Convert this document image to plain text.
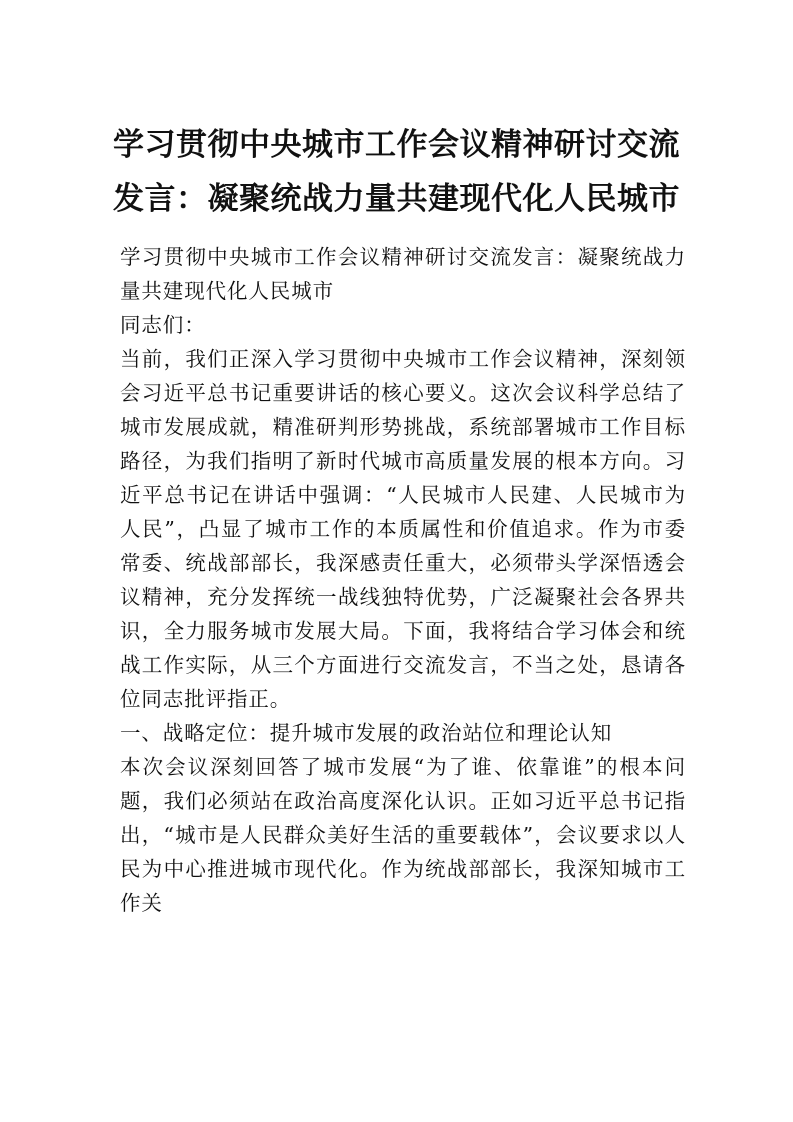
学习贯彻中央城市工作会议精神研讨交流
发言：凝聚统战力量共建现代化人民城市

学习贯彻中央城市工作会议精神研讨交流发言：凝聚统战力量共建现代化人民城市

同志们：

当前，我们正深入学习贯彻中央城市工作会议精神，深刻领会习近平总书记重要讲话的核心要义。这次会议科学总结了城市发展成就，精准研判形势挑战，系统部署城市工作目标路径，为我们指明了新时代城市高质量发展的根本方向。习近平总书记在讲话中强调：“人民城市人民建、人民城市为人民”，凸显了城市工作的本质属性和价值追求。作为市委常委、统战部部长，我深感责任重大，必须带头学深悟透会议精神，充分发挥统一战线独特优势，广泛凝聚社会各界共识，全力服务城市发展大局。下面，我将结合学习体会和统战工作实际，从三个方面进行交流发言，不当之处，恳请各位同志批评指正。

一、战略定位：提升城市发展的政治站位和理论认知

本次会议深刻回答了城市发展“为了谁、依靠谁”的根本问题，我们必须站在政治高度深化认识。正如习近平总书记指出，“城市是人民群众美好生活的重要载体”，会议要求以人民为中心推进城市现代化。作为统战部部长，我深知城市工作关
